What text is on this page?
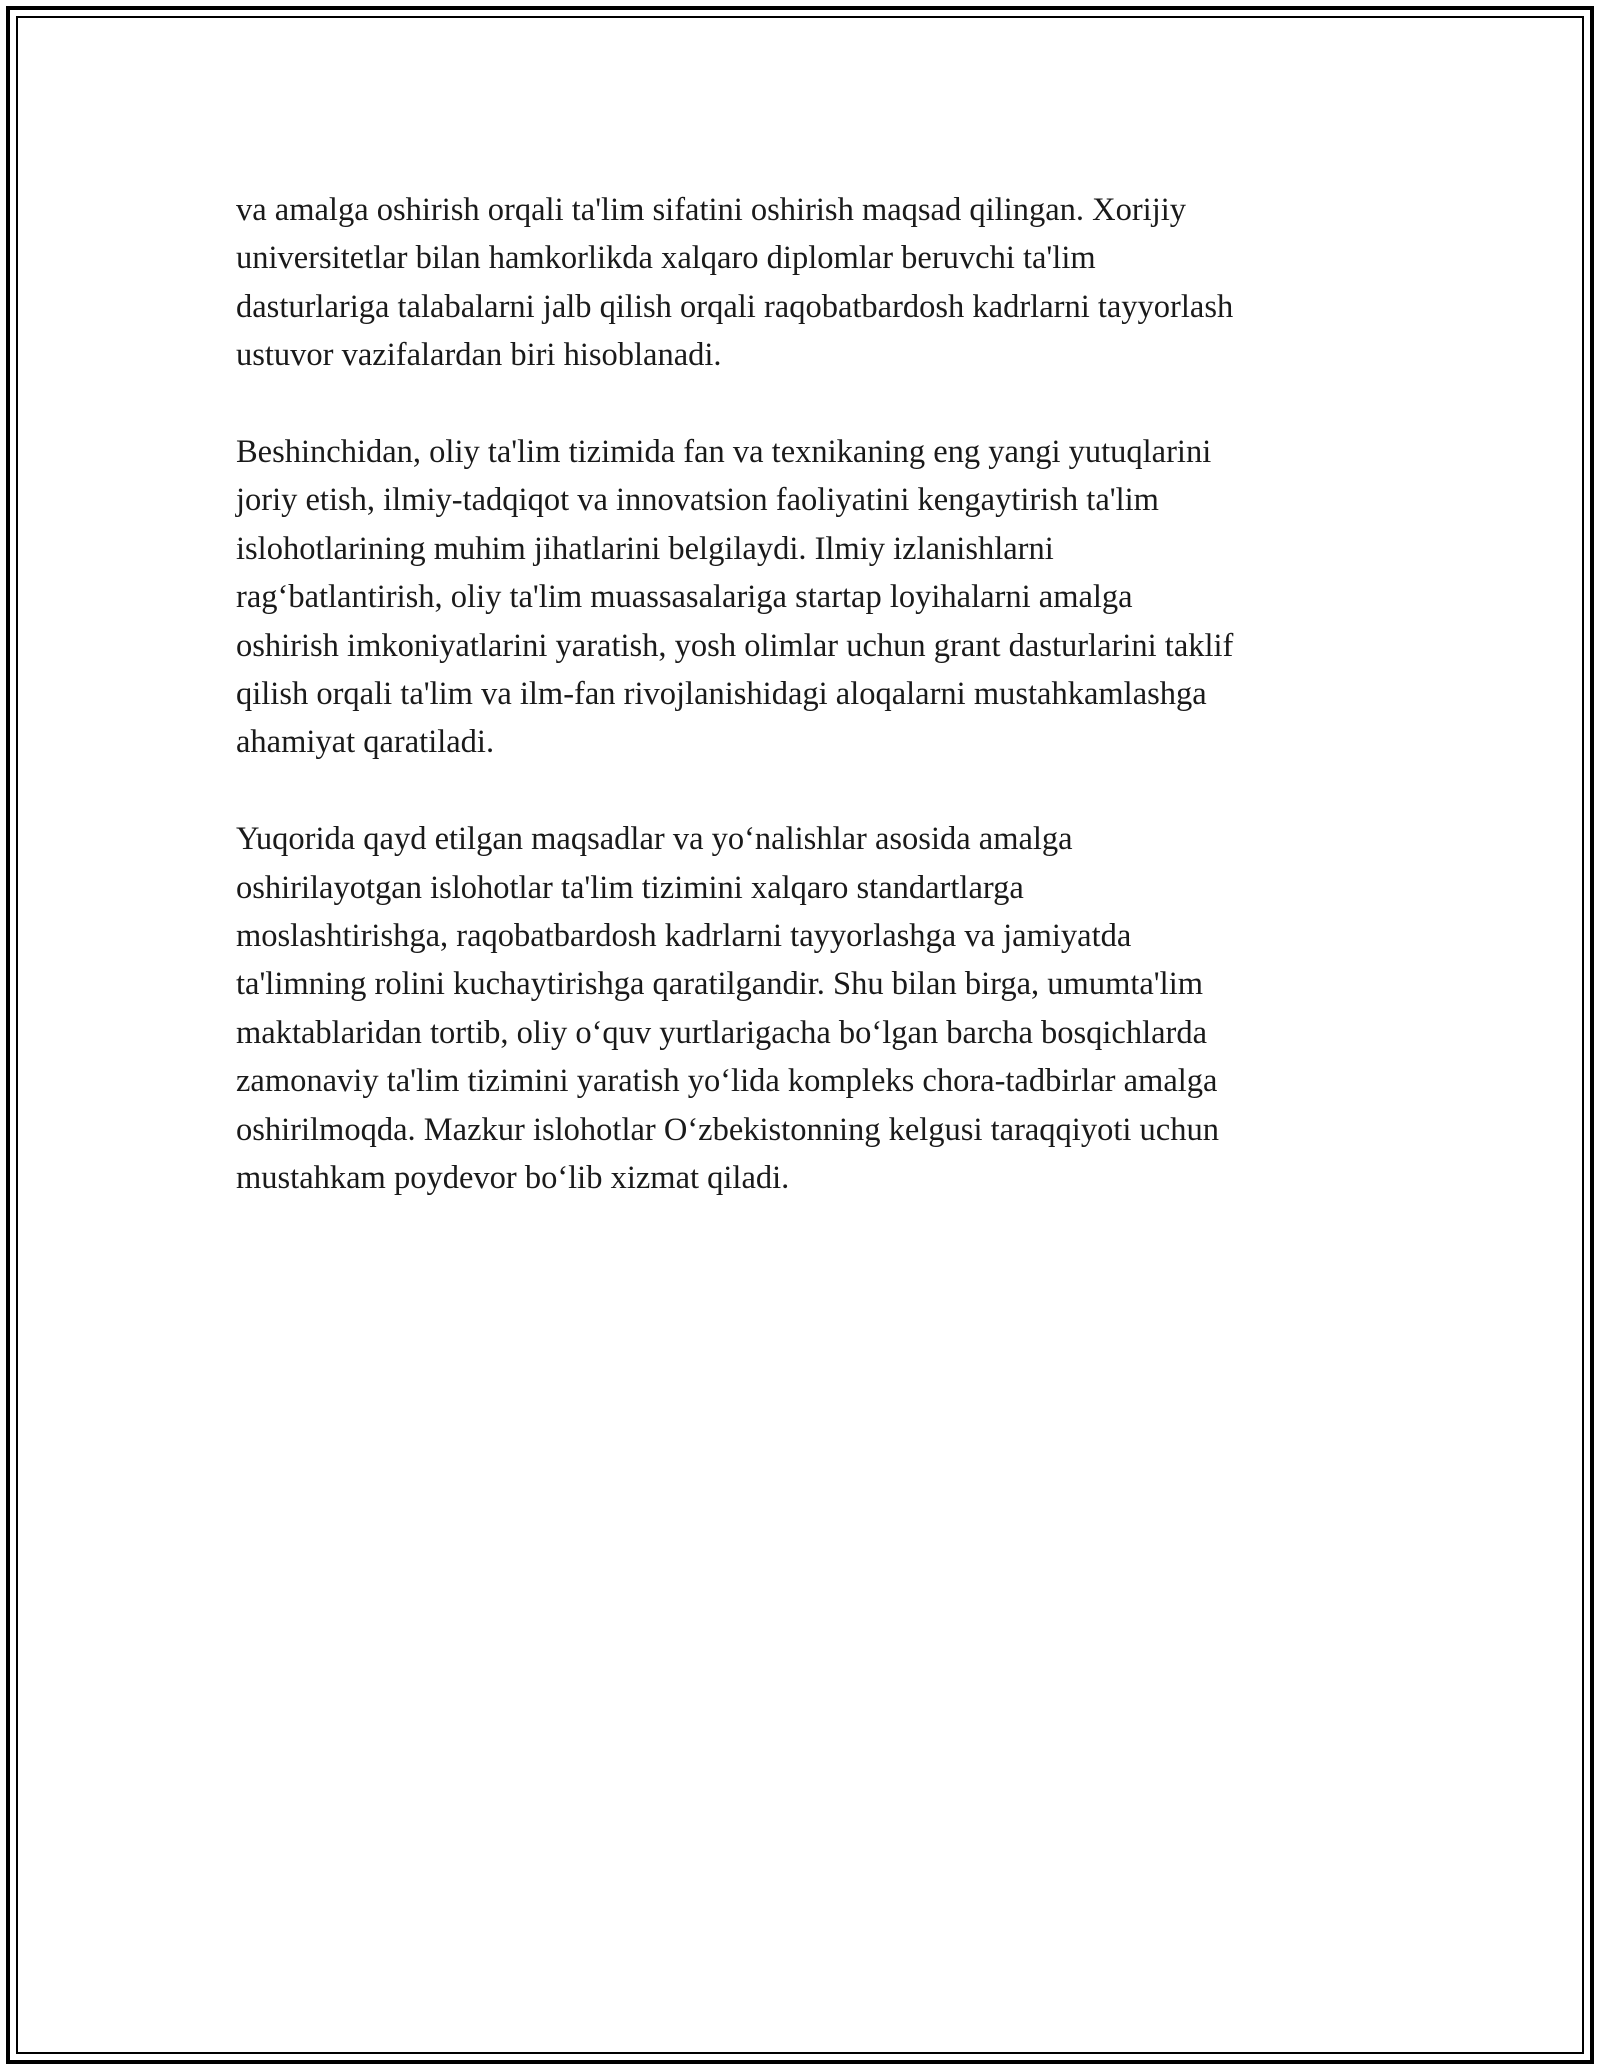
va amalga oshirish orqali ta'lim sifatini oshirish maqsad qilingan. Xorijiy
universitetlar bilan hamkorlikda xalqaro diplomlar beruvchi ta'lim
dasturlariga talabalarni jalb qilish orqali raqobatbardosh kadrlarni tayyorlash
ustuvor vazifalardan biri hisoblanadi.

Beshinchidan, oliy ta'lim tizimida fan va texnikaning eng yangi yutuqlarini
joriy etish, ilmiy-tadqiqot va innovatsion faoliyatini kengaytirish ta'lim
islohotlarining muhim jihatlarini belgilaydi. Ilmiy izlanishlarni
rag‘batlantirish, oliy ta'lim muassasalariga startap loyihalarni amalga
oshirish imkoniyatlarini yaratish, yosh olimlar uchun grant dasturlarini taklif
qilish orqali ta'lim va ilm-fan rivojlanishidagi aloqalarni mustahkamlashga
ahamiyat qaratiladi.

Yuqorida qayd etilgan maqsadlar va yo‘nalishlar asosida amalga
oshirilayotgan islohotlar ta'lim tizimini xalqaro standartlarga
moslashtirishga, raqobatbardosh kadrlarni tayyorlashga va jamiyatda
ta'limning rolini kuchaytirishga qaratilgandir. Shu bilan birga, umumta'lim
maktablaridan tortib, oliy o‘quv yurtlarigacha bo‘lgan barcha bosqichlarda
zamonaviy ta'lim tizimini yaratish yo‘lida kompleks chora-tadbirlar amalga
oshirilmoqda. Mazkur islohotlar O‘zbekistonning kelgusi taraqqiyoti uchun
mustahkam poydevor bo‘lib xizmat qiladi.
